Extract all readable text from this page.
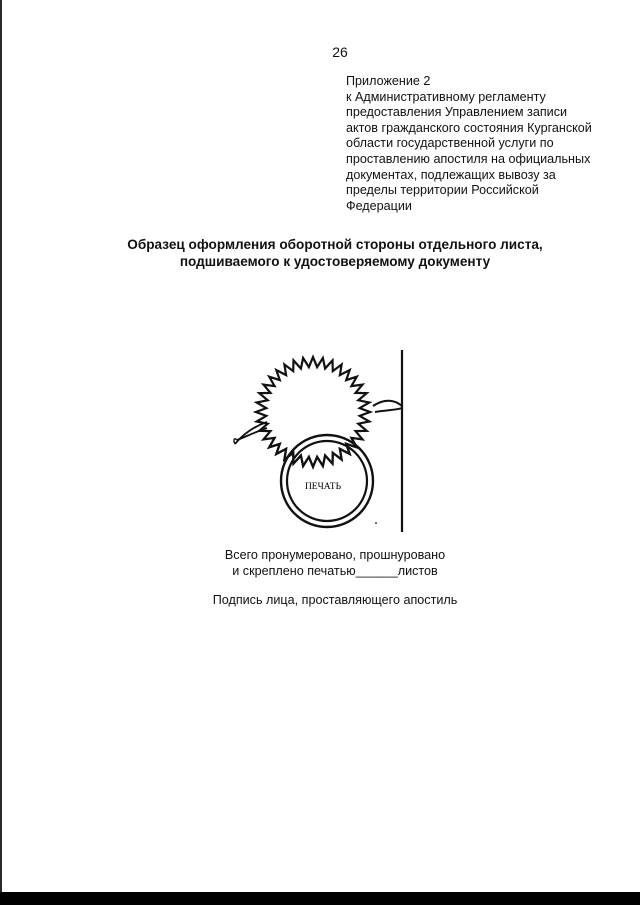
26
Приложение 2
к Административному регламенту
предоставления Управлением записи
актов гражданского состояния Курганской
области государственной услуги по
проставлению апостиля на официальных
документах, подлежащих вывозу за
пределы территории Российской
Федерации
Образец оформления оборотной стороны отдельного листа,
подшиваемого к удостоверяемому документу
ПЕЧАТЬ
Всего пронумеровано, прошнуровано
и скреплено печатью______листов
Подпись лица, проставляющего апостиль
